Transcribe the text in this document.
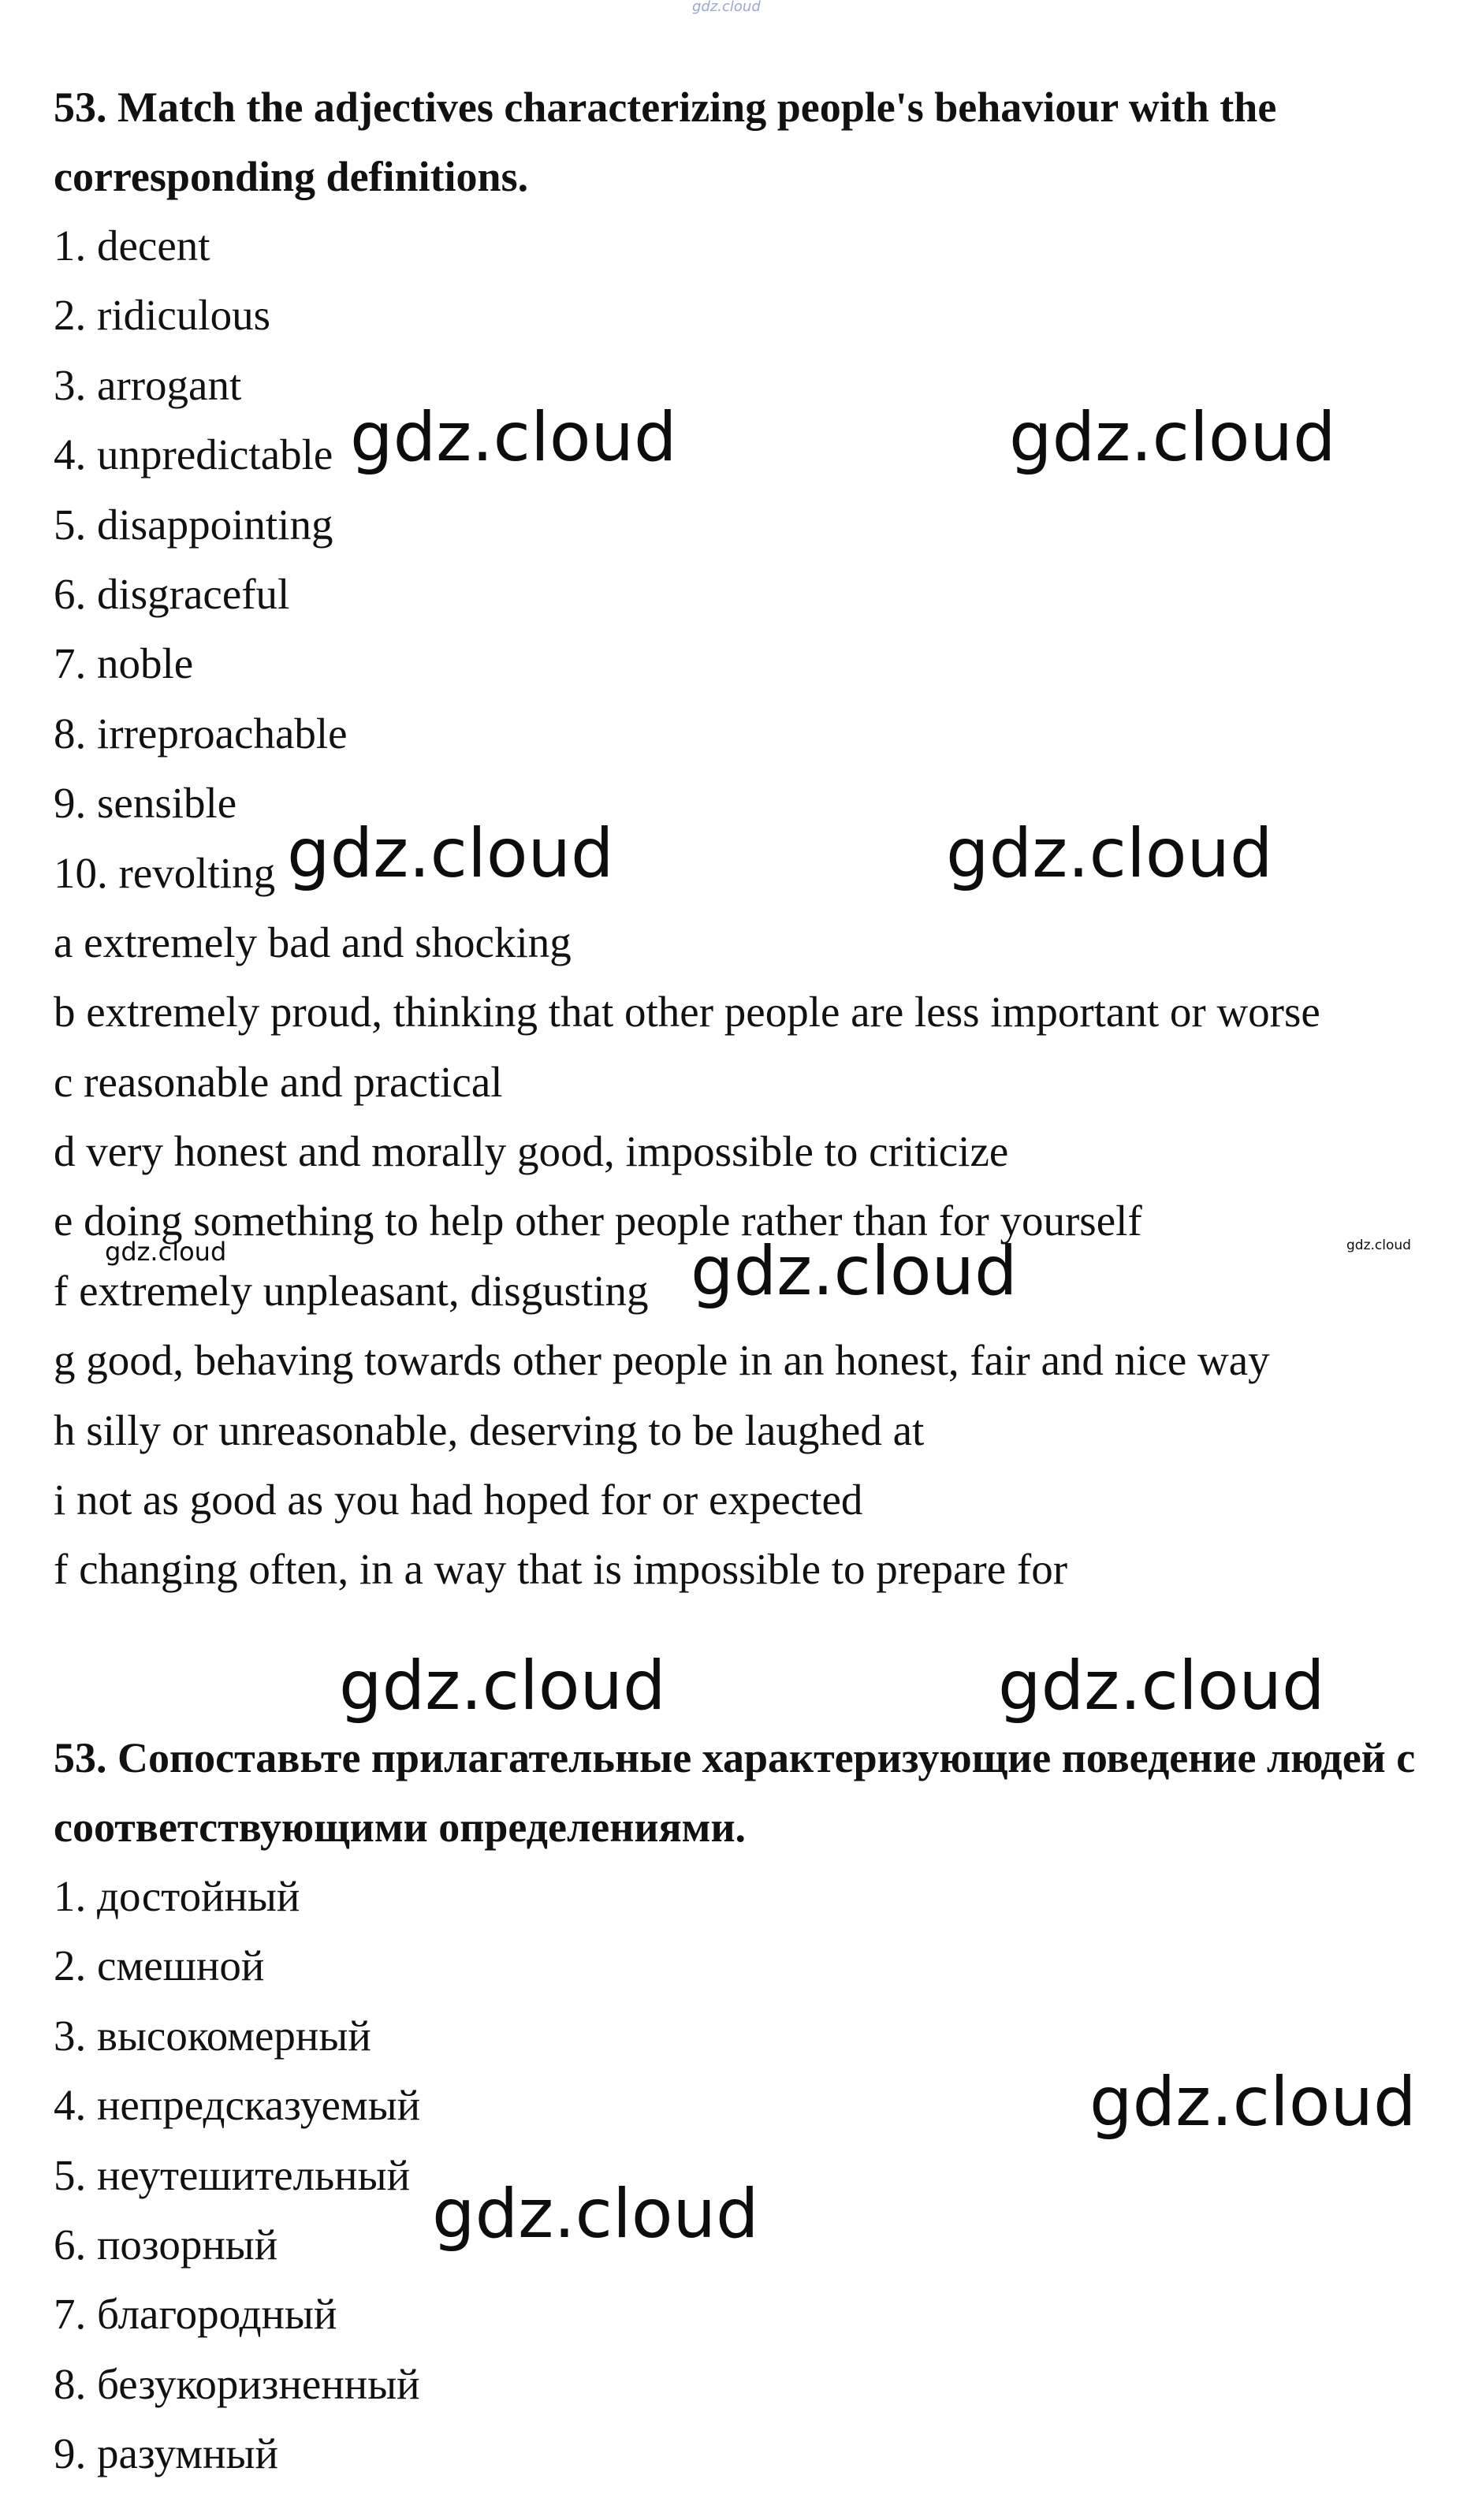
gdz.cloud

53. Match the adjectives characterizing people's behaviour with the corresponding definitions.

1. decent
2. ridiculous
3. arrogant
4. unpredictable
5. disappointing
6. disgraceful
7. noble
8. irreproachable
9. sensible
10. revolting
a extremely bad and shocking
b extremely proud, thinking that other people are less important or worse
c reasonable and practical
d very honest and morally good, impossible to criticize
e doing something to help other people rather than for yourself
f extremely unpleasant, disgusting
g good, behaving towards other people in an honest, fair and nice way
h silly or unreasonable, deserving to be laughed at
i not as good as you had hoped for or expected
f changing often, in a way that is impossible to prepare for

53. Сопоставьте прилагательные характеризующие поведение людей с соответствующими определениями.

1. достойный
2. смешной
3. высокомерный
4. непредсказуемый
5. неутешительный
6. позорный
7. благородный
8. безукоризненный
9. разумный
gdz.cloud	gdz.cloud
gdz.cloud	gdz.cloud
gdz.cloud	gdz.cloud	gdz.cloud
gdz.cloud	gdz.cloud
gdz.cloud
gdz.cloud
